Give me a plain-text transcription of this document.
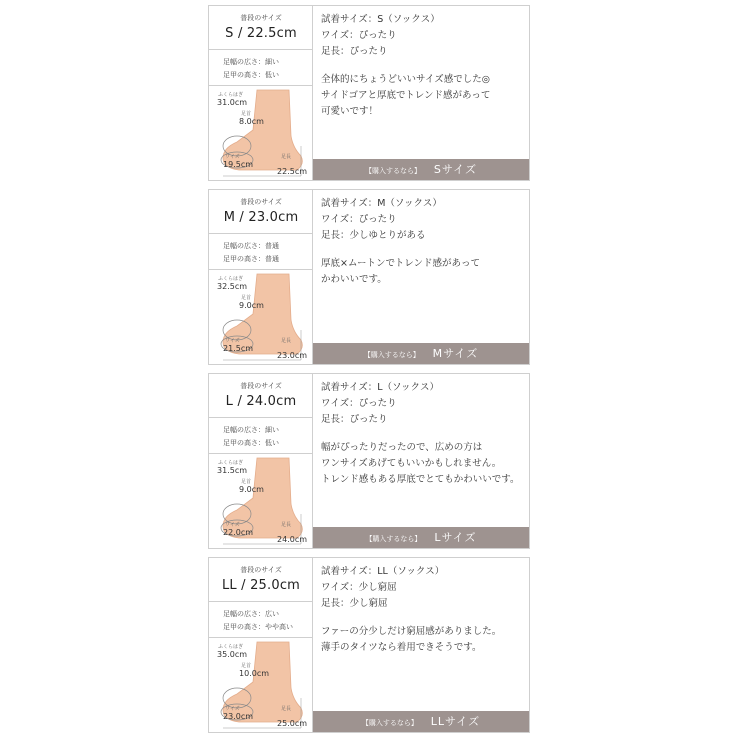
普段のサイズ
S / 22.5cm
足幅の広さ：細い
足甲の高さ：低い
ふくらはぎ
31.0cm
足首
8.0cm
ワイズ
19.5cm
足長
22.5cm
試着サイズ：S（ソックス）
ワイズ：ぴったり
足長：ぴったり
全体的にちょうどいいサイズ感でした◎
サイドゴアと厚底でトレンド感があって
可愛いです！
【購入するなら】 Sサイズ
普段のサイズ
M / 23.0cm
足幅の広さ：普通
足甲の高さ：普通
ふくらはぎ
32.5cm
足首
9.0cm
ワイズ
21.5cm
足長
23.0cm
試着サイズ：M（ソックス）
ワイズ：ぴったり
足長：少しゆとりがある
厚底×ムートンでトレンド感があって
かわいいです。
【購入するなら】 Mサイズ
普段のサイズ
L / 24.0cm
足幅の広さ：細い
足甲の高さ：低い
ふくらはぎ
31.5cm
足首
9.0cm
ワイズ
22.0cm
足長
24.0cm
試着サイズ：L（ソックス）
ワイズ：ぴったり
足長：ぴったり
幅がぴったりだったので、広めの方は
ワンサイズあげてもいいかもしれません。
トレンド感もある厚底でとてもかわいいです。
【購入するなら】 Lサイズ
普段のサイズ
LL / 25.0cm
足幅の広さ：広い
足甲の高さ：やや高い
ふくらはぎ
35.0cm
足首
10.0cm
ワイズ
23.0cm
足長
25.0cm
試着サイズ：LL（ソックス）
ワイズ：少し窮屈
足長：少し窮屈
ファーの分少しだけ窮屈感がありました。
薄手のタイツなら着用できそうです。
【購入するなら】 LLサイズ
